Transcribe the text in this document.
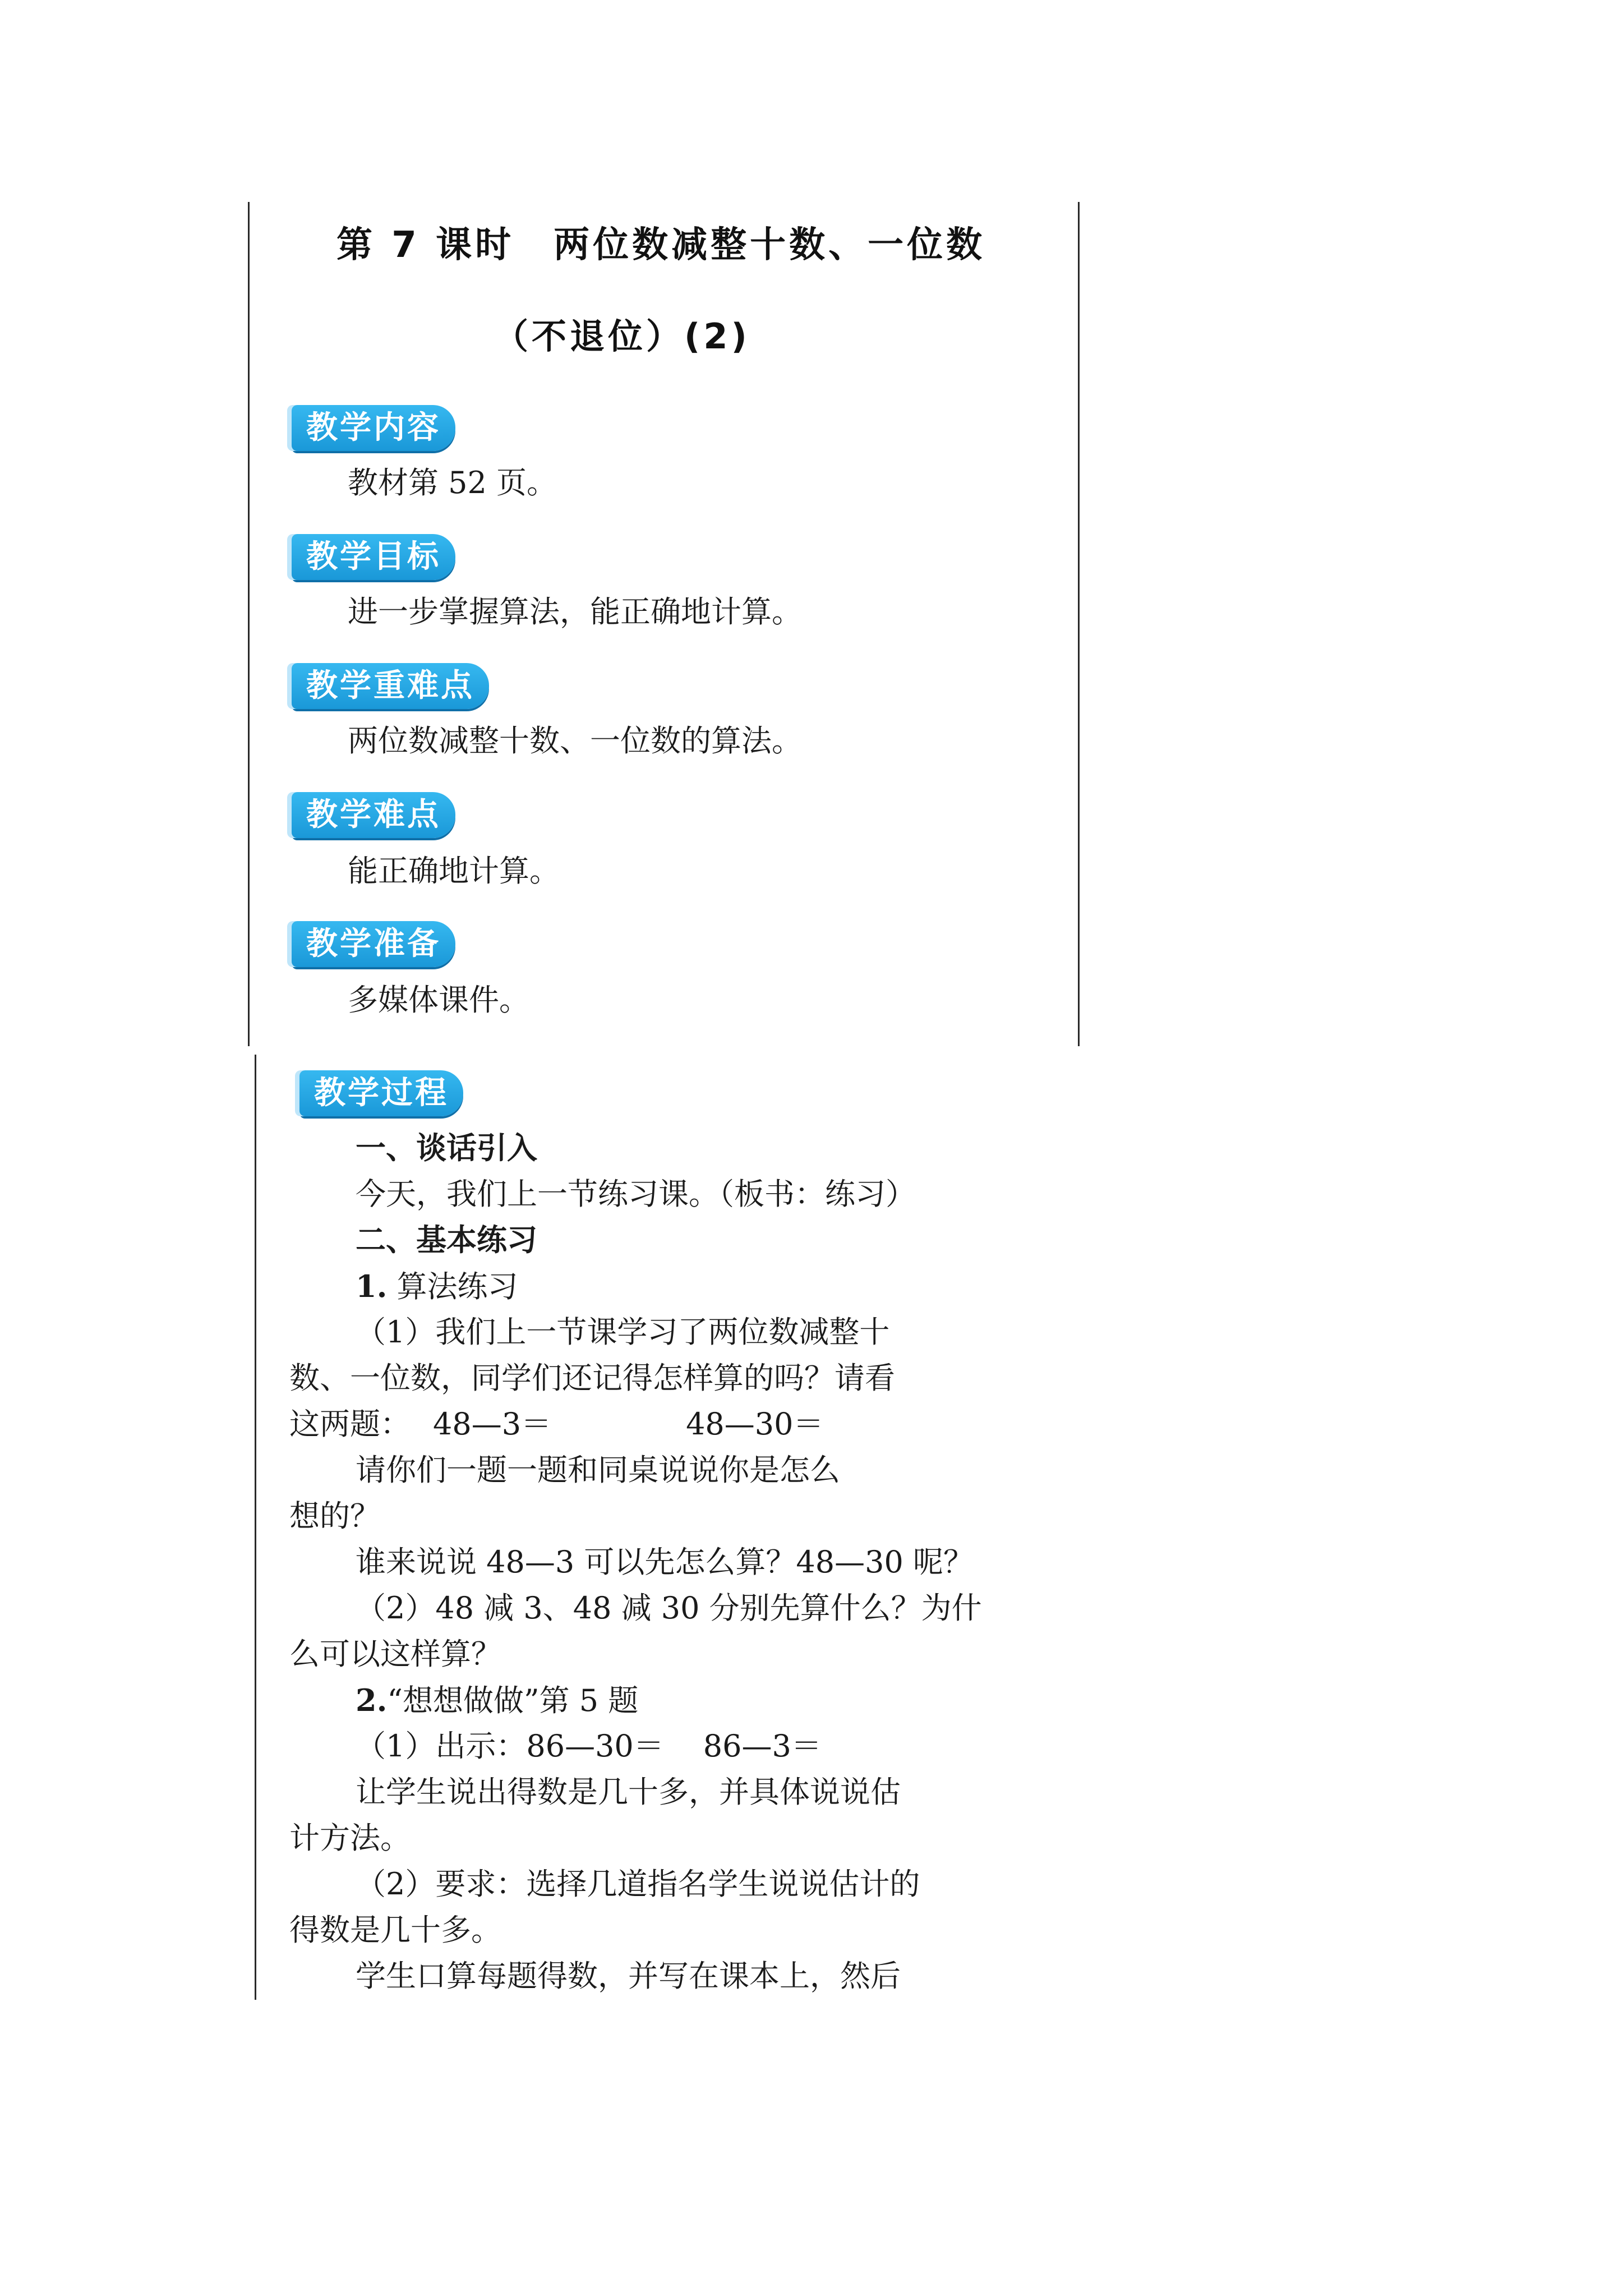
第 7 课时 两位数减整十数、一位数
（不退位）(2)
教学内容
教材第 52 页。
教学目标
进一步掌握算法，能正确地计算。
教学重难点
两位数减整十数、一位数的算法。
教学难点
能正确地计算。
教学准备
多媒体课件。
教学过程
一、谈话引入
今天，我们上一节练习课。（板书：练习）
二、基本练习
1. 算法练习
（1）我们上一节课学习了两位数减整十
数、一位数，同学们还记得怎样算的吗？请看
这两题： 48—3＝	48—30＝
请你们一题一题和同桌说说你是怎么
想的？
谁来说说 48—3 可以先怎么算？48—30 呢？
（2）48 减 3、48 减 30 分别先算什么？为什
么可以这样算？
2.“想想做做”第 5 题
（1）出示：86—30＝ 86—3＝
让学生说出得数是几十多，并具体说说估
计方法。
（2）要求：选择几道指名学生说说估计的
得数是几十多。
学生口算每题得数，并写在课本上，然后
